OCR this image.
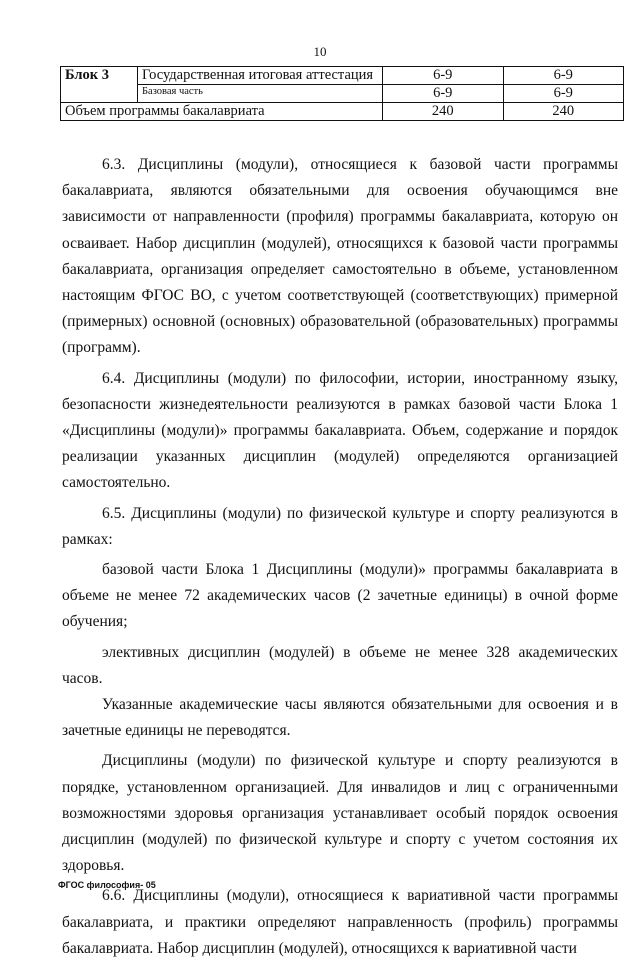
10
Блок 3	Государственная итоговая аттестация	6-9	6-9
	Базовая часть	6-9	6-9
Объем программы бакалавриата		240	240

6.3. Дисциплины (модули), относящиеся к базовой части программы бакалавриата, являются обязательными для освоения обучающимся вне зависимости от направленности (профиля) программы бакалавриата, которую он осваивает. Набор дисциплин (модулей), относящихся к базовой части программы бакалавриата, организация определяет самостоятельно в объеме, установленном настоящим ФГОС ВО, с учетом соответствующей (соответствующих) примерной (примерных) основной (основных) образовательной (образовательных) программы (программ).

6.4. Дисциплины (модули) по философии, истории, иностранному языку, безопасности жизнедеятельности реализуются в рамках базовой части Блока 1 «Дисциплины (модули)» программы бакалавриата. Объем, содержание и порядок реализации указанных дисциплин (модулей) определяются организацией самостоятельно.

6.5. Дисциплины (модули) по физической культуре и спорту реализуются в рамках:

базовой части Блока 1 Дисциплины (модули)» программы бакалавриата в объеме не менее 72 академических часов (2 зачетные единицы) в очной форме обучения;

элективных дисциплин (модулей) в объеме не менее 328 академических часов.

Указанные академические часы являются обязательными для освоения и в зачетные единицы не переводятся.

Дисциплины (модули) по физической культуре и спорту реализуются в порядке, установленном организацией. Для инвалидов и лиц с ограниченными возможностями здоровья организация устанавливает особый порядок освоения дисциплин (модулей) по физической культуре и спорту с учетом состояния их здоровья.

6.6. Дисциплины (модули), относящиеся к вариативной части программы бакалавриата, и практики определяют направленность (профиль) программы бакалавриата. Набор дисциплин (модулей), относящихся к вариативной части

ФГОС философия- 05
